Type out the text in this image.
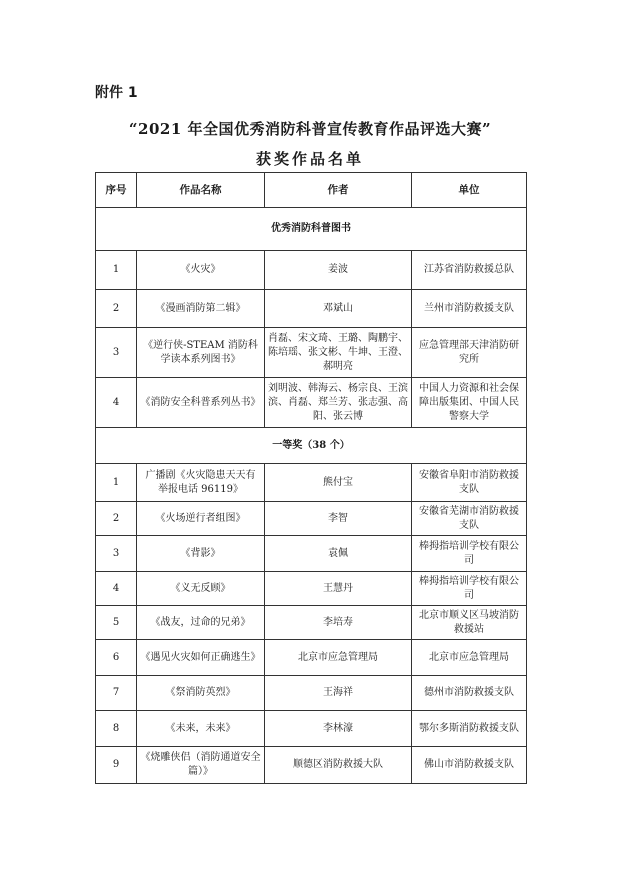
附件 1
“2021 年全国优秀消防科普宣传教育作品评选大赛”
获奖作品名单
序号	作品名称	作者	单位
优秀消防科普图书			
1	《火灾》	姜波	江苏省消防救援总队
2	《漫画消防第二辑》	邓斌山	兰州市消防救援支队
3	《逆行侠-STEAM 消防科学读本系列图书》	肖磊、宋文琦、王璐、陶鹏宇、陈培瑶、张文彬、牛坤、王澄、郝明亮	应急管理部天津消防研究所
4	《消防安全科普系列丛书》	刘明波、韩海云、杨宗良、王滨滨、肖磊、郑兰芳、张志强、高阳、张云博	中国人力资源和社会保障出版集团、中国人民警察大学
一等奖（38 个）			
1	广播剧《火灾隐患天天有 举报电话 96119》	熊付宝	安徽省阜阳市消防救援支队
2	《火场逆行者组图》	李智	安徽省芜湖市消防救援支队
3	《背影》	袁佩	棒拇指培训学校有限公司
4	《义无反顾》	王慧丹	棒拇指培训学校有限公司
5	《战友，过命的兄弟》	李培寿	北京市顺义区马坡消防救援站
6	《遇见火灾如何正确逃生》	北京市应急管理局	北京市应急管理局
7	《祭消防英烈》	王海祥	德州市消防救援支队
8	《未来，未来》	李林濠	鄂尔多斯消防救援支队
9	《烧雕侠侣（消防通道安全篇）》	顺德区消防救援大队	佛山市消防救援支队
